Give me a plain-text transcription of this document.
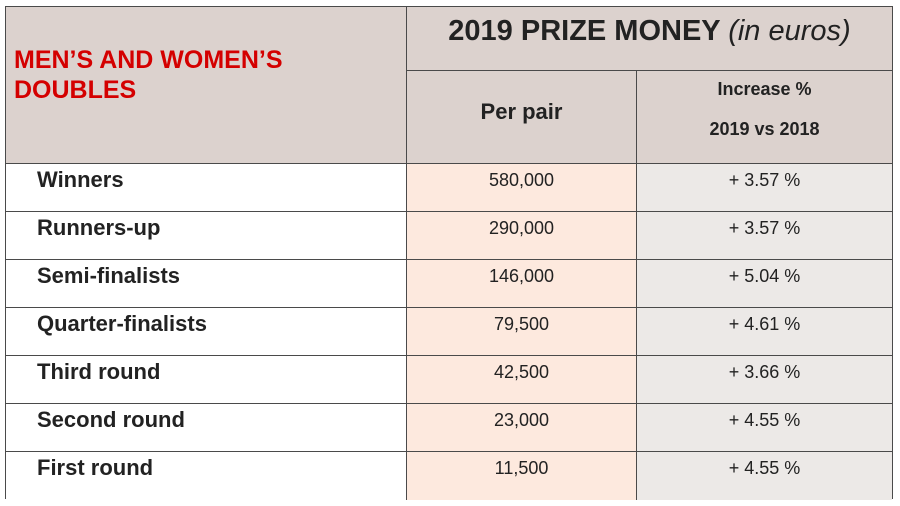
MEN’S AND WOMEN’S DOUBLES
2019 PRIZE MONEY (in euros)
Per pair
Increase %
2019 vs 2018
Winners	580,000	+ 3.57 %
Runners-up	290,000	+ 3.57 %
Semi-finalists	146,000	+ 5.04 %
Quarter-finalists	79,500	+ 4.61 %
Third round	42,500	+ 3.66 %
Second round	23,000	+ 4.55 %
First round	11,500	+ 4.55 %
